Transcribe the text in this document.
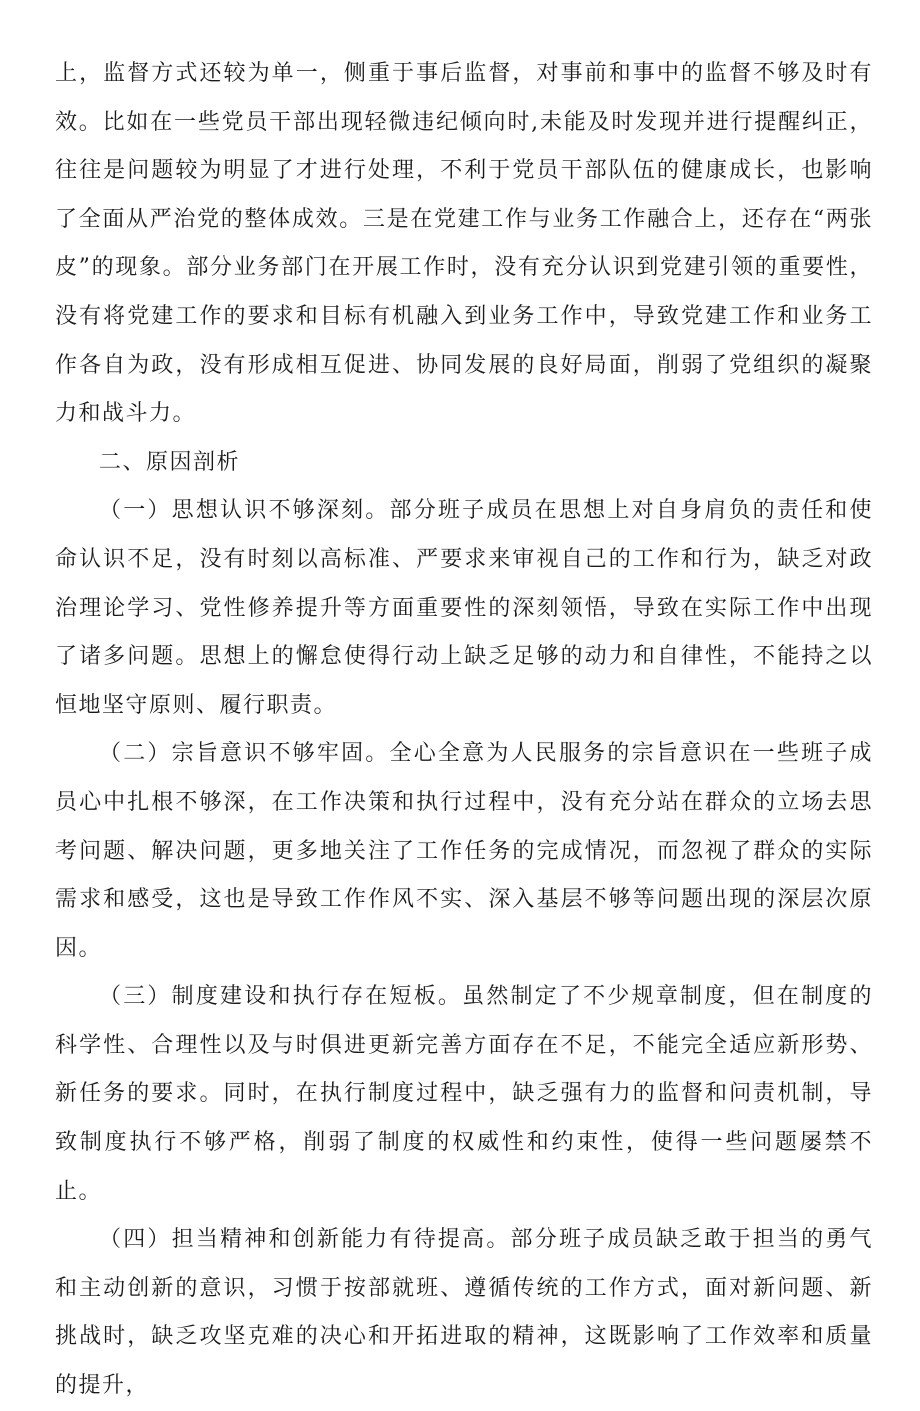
上，监督方式还较为单一，侧重于事后监督，对事前和事中的监督不够及时有效。比如在一些党员干部出现轻微违纪倾向时,未能及时发现并进行提醒纠正，往往是问题较为明显了才进行处理，不利于党员干部队伍的健康成长，也影响了全面从严治党的整体成效。三是在党建工作与业务工作融合上，还存在“两张皮”的现象。部分业务部门在开展工作时，没有充分认识到党建引领的重要性，没有将党建工作的要求和目标有机融入到业务工作中，导致党建工作和业务工作各自为政，没有形成相互促进、协同发展的良好局面，削弱了党组织的凝聚力和战斗力。

二、原因剖析

（一）思想认识不够深刻。部分班子成员在思想上对自身肩负的责任和使命认识不足，没有时刻以高标准、严要求来审视自己的工作和行为，缺乏对政治理论学习、党性修养提升等方面重要性的深刻领悟，导致在实际工作中出现了诸多问题。思想上的懈怠使得行动上缺乏足够的动力和自律性，不能持之以恒地坚守原则、履行职责。

（二）宗旨意识不够牢固。全心全意为人民服务的宗旨意识在一些班子成员心中扎根不够深，在工作决策和执行过程中，没有充分站在群众的立场去思考问题、解决问题，更多地关注了工作任务的完成情况，而忽视了群众的实际需求和感受，这也是导致工作作风不实、深入基层不够等问题出现的深层次原因。

（三）制度建设和执行存在短板。虽然制定了不少规章制度，但在制度的科学性、合理性以及与时俱进更新完善方面存在不足，不能完全适应新形势、新任务的要求。同时，在执行制度过程中，缺乏强有力的监督和问责机制，导致制度执行不够严格，削弱了制度的权威性和约束性，使得一些问题屡禁不止。

（四）担当精神和创新能力有待提高。部分班子成员缺乏敢于担当的勇气和主动创新的意识，习惯于按部就班、遵循传统的工作方式，面对新问题、新挑战时，缺乏攻坚克难的决心和开拓进取的精神，这既影响了工作效率和质量的提升，
